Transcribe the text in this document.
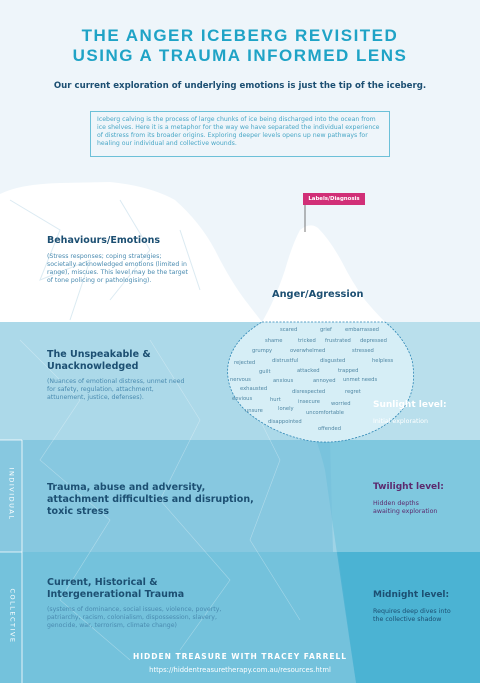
THE ANGER ICEBERG REVISITED
USING A TRAUMA INFORMED LENS
Our current exploration of underlying emotions is just the tip of the iceberg.
Iceberg calving is the process of large chunks of ice being discharged into the ocean from ice shelves. Here it is a metaphor for the way we have separated the individual experience of distress from its broader origins. Exploring deeper levels opens up new pathways for healing our individual and collective wounds.
Labels/Diagnosis
Behaviours/Emotions
(Stress responses; coping strategies; societally acknowledged emotions (limited in range), miscues. This level may be the target of tone policing or pathologising).
Anger/Agression
The Unspeakable &
Unacknowledged
(Nuances of emotional distress, unmet need for safety, regulation, attachment, attunement, justice, defenses).
Trauma, abuse and adversity,
attachment difficulties and disruption,
toxic stress
Current, Historical &
Intergenerational Trauma
(systems of dominance, social issues, violence, poverty, patriarchy, racism, colonialism, dispossession, slavery, genocide, war, terrorism, climate change)
scared	grief	embarrassed
shame	tricked frustrated depressed
grumpy	overwhelmed	stressed
distrustful	disgusted	helpless
rejected
guilt	attacked	trapped
nervous	anxious	annoyed unmet needs
exhausted	disrespected	regret
envious	hurt	insecure worried
unsure	lonely
uncomfortable
disappointed
offended
Sunlight level:
Initial exploration
Twilight level:
Hidden depths
awaiting exploration
Midnight level:
Requires deep dives into
the collective shadow
INDIVIDUAL
COLLECTIVE
HIDDEN TREASURE WITH TRACEY FARRELL
https://hiddentreasuretherapy.com.au/resources.html
